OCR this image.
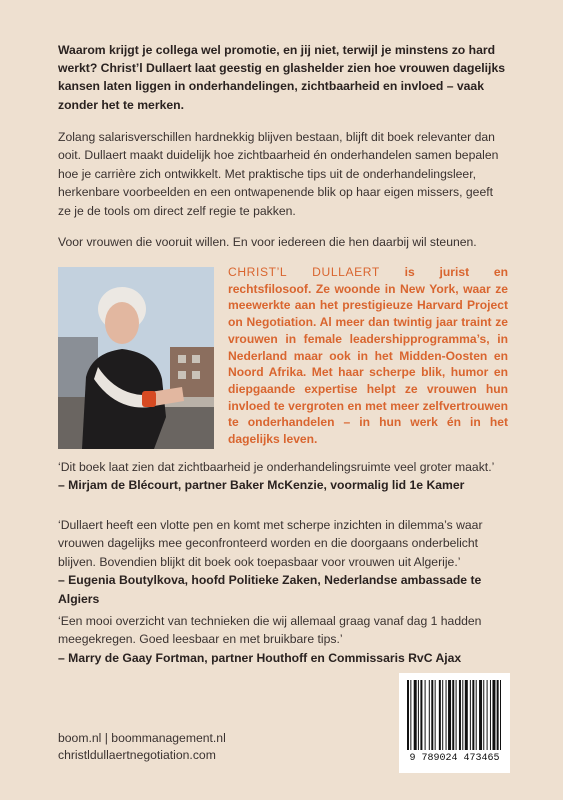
Waarom krijgt je collega wel promotie, en jij niet, terwijl je minstens zo hard werkt? Christ’l Dullaert laat geestig en glashelder zien hoe vrouwen dagelijks kansen laten liggen in onderhandelingen, zichtbaarheid en invloed – vaak zonder het te merken.

Zolang salarisverschillen hardnekkig blijven bestaan, blijft dit boek relevanter dan ooit. Dullaert maakt duidelijk hoe zichtbaarheid én onderhandelen samen bepalen hoe je carrière zich ontwikkelt. Met praktische tips uit de onderhandelingsleer, herkenbare voorbeelden en een ontwapenende blik op haar eigen missers, geeft ze je de tools om direct zelf regie te pakken.

Voor vrouwen die vooruit willen. En voor iedereen die hen daarbij wil steunen.

CHRIST’L DULLAERT is jurist en rechtsfilosoof. Ze woonde in New York, waar ze meewerkte aan het prestigieuze Harvard Project on Negotiation. Al meer dan twintig jaar traint ze vrouwen in female leadershipprogramma’s, in Nederland maar ook in het Midden-Oosten en Noord Afrika. Met haar scherpe blik, humor en diepgaande expertise helpt ze vrouwen hun invloed te vergroten en met meer zelfvertrouwen te onderhandelen – in hun werk én in het dagelijks leven.

‘Dit boek laat zien dat zichtbaarheid je onderhandelingsruimte veel groter maakt.’
– Mirjam de Blécourt, partner Baker McKenzie, voormalig lid 1e Kamer

‘Dullaert heeft een vlotte pen en komt met scherpe inzichten in dilemma’s waar vrouwen dagelijks mee geconfronteerd worden en die doorgaans onderbelicht blijven. Bovendien blijkt dit boek ook toepasbaar voor vrouwen uit Algerije.’
– Eugenia Boutylkova, hoofd Politieke Zaken, Nederlandse ambassade te Algiers

‘Een mooi overzicht van technieken die wij allemaal graag vanaf dag 1 hadden meegekregen. Goed leesbaar en met bruikbare tips.’
– Marry de Gaay Fortman, partner Houthoff en Commissaris RvC Ajax

boom.nl | boommanagement.nl
christldullaertnegotiation.com	9 789024 473465
